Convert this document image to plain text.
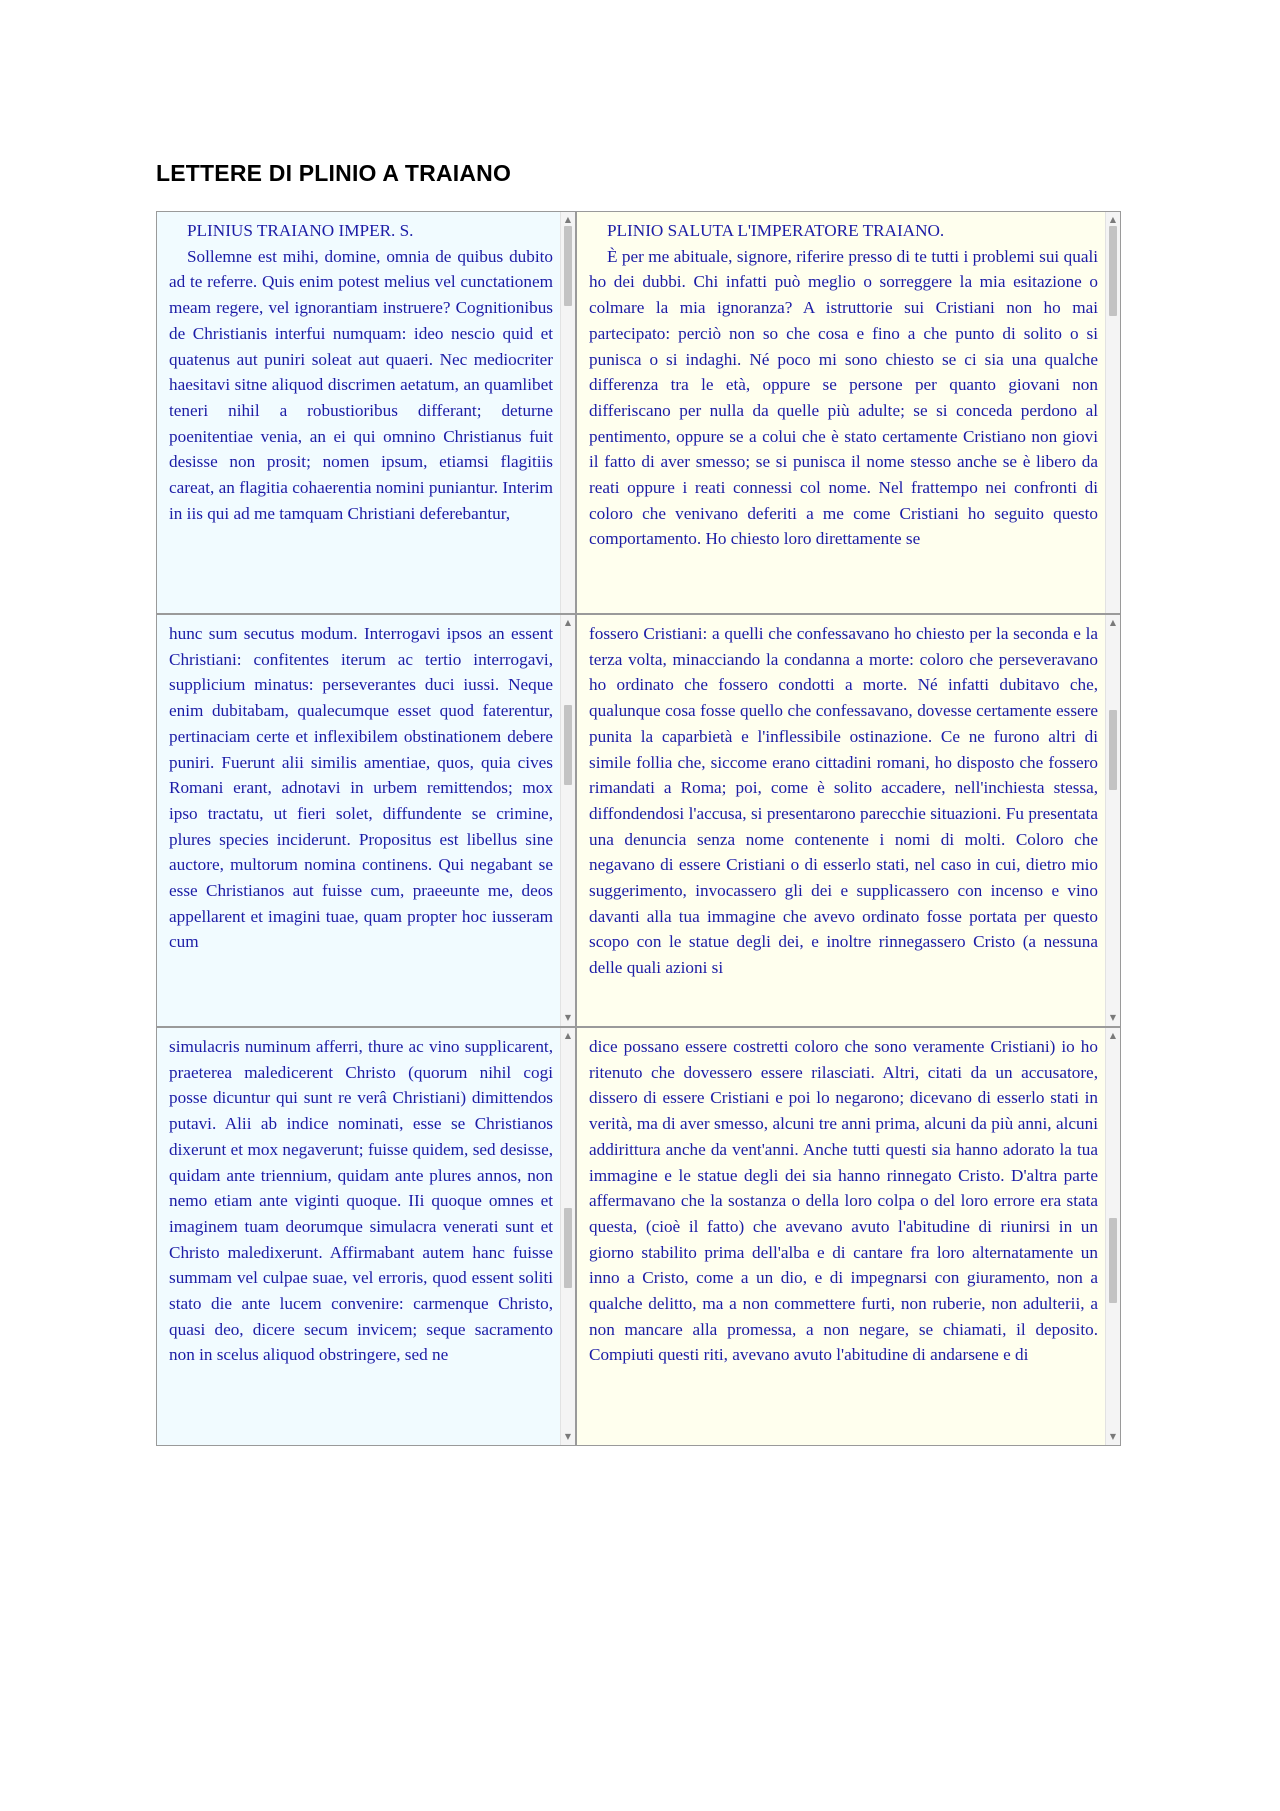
LETTERE DI PLINIO A TRAIANO
PLINIUS TRAIANO IMPER. S.

Sollemne est mihi, domine, omnia de quibus dubito ad te referre. Quis enim potest melius vel cunctationem meam regere, vel ignorantiam instruere? Cognitionibus de Christianis interfui numquam: ideo nescio quid et quatenus aut puniri soleat aut quaeri. Nec mediocriter haesitavi sitne aliquod discrimen aetatum, an quamlibet teneri nihil a robustioribus differant; deturne poenitentiae venia, an ei qui omnino Christianus fuit desisse non prosit; nomen ipsum, etiamsi flagitiis careat, an flagitia cohaerentia nomini puniantur. Interim in iis qui ad me tamquam Christiani deferebantur,

▲
PLINIO SALUTA L'IMPERATORE TRAIANO.

È per me abituale, signore, riferire presso di te tutti i problemi sui quali ho dei dubbi. Chi infatti può meglio o sorreggere la mia esitazione o colmare la mia ignoranza? A istruttorie sui Cristiani non ho mai partecipato: perciò non so che cosa e fino a che punto di solito o si punisca o si indaghi. Né poco mi sono chiesto se ci sia una qualche differenza tra le età, oppure se persone per quanto giovani non differiscano per nulla da quelle più adulte; se si conceda perdono al pentimento, oppure se a colui che è stato certamente Cristiano non giovi il fatto di aver smesso; se si punisca il nome stesso anche se è libero da reati oppure i reati connessi col nome. Nel frattempo nei confronti di coloro che venivano deferiti a me come Cristiani ho seguito questo comportamento. Ho chiesto loro direttamente se

▲

hunc sum secutus modum. Interrogavi ipsos an essent Christiani: confitentes iterum ac tertio interrogavi, supplicium minatus: perseverantes duci iussi. Neque enim dubitabam, qualecumque esset quod faterentur, pertinaciam certe et inflexibilem obstinationem debere puniri. Fuerunt alii similis amentiae, quos, quia cives Romani erant, adnotavi in urbem remittendos; mox ipso tractatu, ut fieri solet, diffundente se crimine, plures species inciderunt. Propositus est libellus sine auctore, multorum nomina continens. Qui negabant se esse Christianos aut fuisse cum, praeeunte me, deos appellarent et imagini tuae, quam propter hoc iusseram cum

▲
▼

fossero Cristiani: a quelli che confessavano ho chiesto per la seconda e la terza volta, minacciando la condanna a morte: coloro che perseveravano ho ordinato che fossero condotti a morte. Né infatti dubitavo che, qualunque cosa fosse quello che confessavano, dovesse certamente essere punita la caparbietà e l'inflessibile ostinazione. Ce ne furono altri di simile follia che, siccome erano cittadini romani, ho disposto che fossero rimandati a Roma; poi, come è solito accadere, nell'inchiesta stessa, diffondendosi l'accusa, si presentarono parecchie situazioni. Fu presentata una denuncia senza nome contenente i nomi di molti. Coloro che negavano di essere Cristiani o di esserlo stati, nel caso in cui, dietro mio suggerimento, invocassero gli dei e supplicassero con incenso e vino davanti alla tua immagine che avevo ordinato fosse portata per questo scopo con le statue degli dei, e inoltre rinnegassero Cristo (a nessuna delle quali azioni si

▲
▼

simulacris numinum afferri, thure ac vino supplicarent, praeterea maledicerent Christo (quorum nihil cogi posse dicuntur qui sunt re verâ Christiani) dimittendos putavi. Alii ab indice nominati, esse se Christianos dixerunt et mox negaverunt; fuisse quidem, sed desisse, quidam ante triennium, quidam ante plures annos, non nemo etiam ante viginti quoque. IIi quoque omnes et imaginem tuam deorumque simulacra venerati sunt et Christo maledixerunt. Affirmabant autem hanc fuisse summam vel culpae suae, vel erroris, quod essent soliti stato die ante lucem convenire: carmenque Christo, quasi deo, dicere secum invicem; seque sacramento non in scelus aliquod obstringere, sed ne

▲
▼

dice possano essere costretti coloro che sono veramente Cristiani) io ho ritenuto che dovessero essere rilasciati. Altri, citati da un accusatore, dissero di essere Cristiani e poi lo negarono; dicevano di esserlo stati in verità, ma di aver smesso, alcuni tre anni prima, alcuni da più anni, alcuni addirittura anche da vent'anni. Anche tutti questi sia hanno adorato la tua immagine e le statue degli dei sia hanno rinnegato Cristo. D'altra parte affermavano che la sostanza o della loro colpa o del loro errore era stata questa, (cioè il fatto) che avevano avuto l'abitudine di riunirsi in un giorno stabilito prima dell'alba e di cantare fra loro alternatamente un inno a Cristo, come a un dio, e di impegnarsi con giuramento, non a qualche delitto, ma a non commettere furti, non ruberie, non adulterii, a non mancare alla promessa, a non negare, se chiamati, il deposito. Compiuti questi riti, avevano avuto l'abitudine di andarsene e di

▲
▼
